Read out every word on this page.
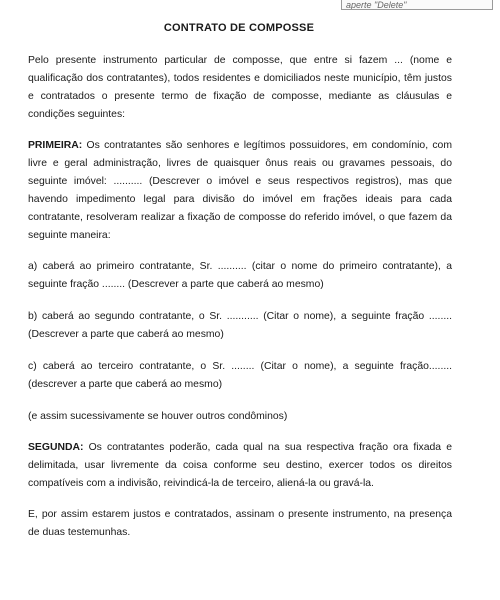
aperte "Delete"
CONTRATO DE COMPOSSE

Pelo presente instrumento particular de composse, que entre si fazem ... (nome e qualificação dos contratantes), todos residentes e domiciliados neste município, têm justos e contratados o presente termo de fixação de composse, mediante as cláusulas e condições seguintes:

PRIMEIRA: Os contratantes são senhores e legítimos possuidores, em condomínio, com livre e geral administração, livres de quaisquer ônus reais ou gravames pessoais, do seguinte imóvel: .......... (Descrever o imóvel e seus respectivos registros), mas que havendo impedimento legal para divisão do imóvel em frações ideais para cada contratante, resolveram realizar a fixação de composse do referido imóvel, o que fazem da seguinte maneira:

a) caberá ao primeiro contratante, Sr. .......... (citar o nome do primeiro contratante), a seguinte fração ........ (Descrever a parte que caberá ao mesmo)

b) caberá ao segundo contratante, o Sr. ........... (Citar o nome), a seguinte fração ........ (Descrever a parte que caberá ao mesmo)

c) caberá ao terceiro contratante, o Sr. ........ (Citar o nome), a seguinte fração........ (descrever a parte que caberá ao mesmo)

(e assim sucessivamente se houver outros condôminos)

SEGUNDA: Os contratantes poderão, cada qual na sua respectiva fração ora fixada e delimitada, usar livremente da coisa conforme seu destino, exercer todos os direitos compatíveis com a indivisão, reivindicá-la de terceiro, aliená-la ou gravá-la.

E, por assim estarem justos e contratados, assinam o presente instrumento, na presença de duas testemunhas.
